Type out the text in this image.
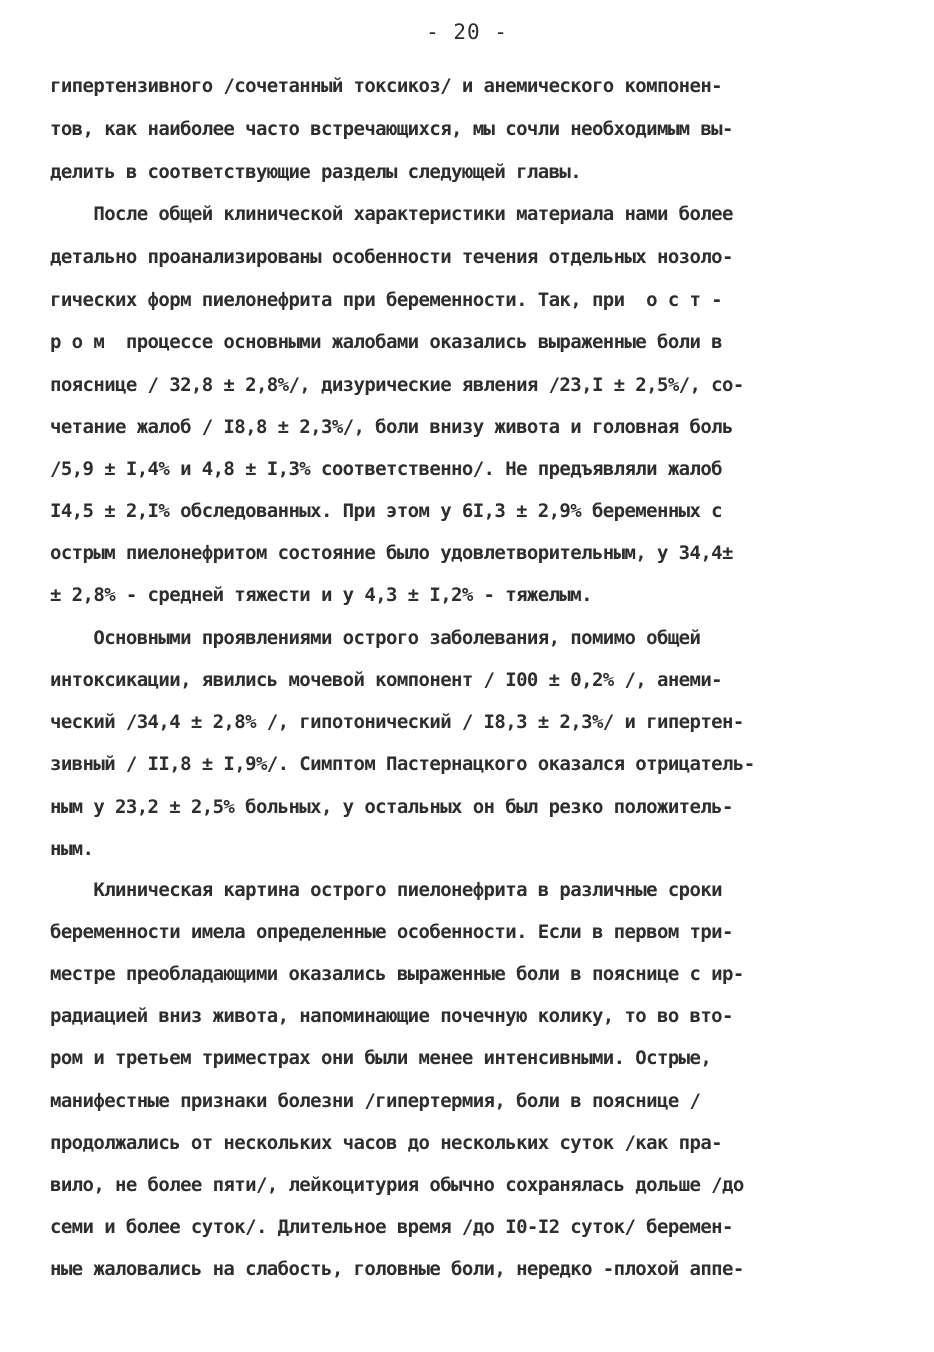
- 20 -
гипертензивного /сочетанный токсикоз/ и анемического компонен-
тов, как наиболее часто встречающихся, мы сочли необходимым вы-
делить в соответствующие разделы следующей главы.
После общей клинической характеристики материала нами более
детально проанализированы особенности течения отдельных нозоло-
гических форм пиелонефрита при беременности. Так, при  о с т -
р о м  процессе основными жалобами оказались выраженные боли в
пояснице / 32,8 ± 2,8%/, дизурические явления /23,I ± 2,5%/, со-
четание жалоб / I8,8 ± 2,3%/, боли внизу живота и головная боль
/5,9 ± I,4% и 4,8 ± I,3% соответственно/. Не предъявляли жалоб
I4,5 ± 2,I% обследованных. При этом у 6I,3 ± 2,9% беременных с
острым пиелонефритом состояние было удовлетворительным, у 34,4±
± 2,8% - средней тяжести и у 4,3 ± I,2% - тяжелым.
Основными проявлениями острого заболевания, помимо общей
интоксикации, явились мочевой компонент / I00 ± 0,2% /, анеми-
ческий /34,4 ± 2,8% /, гипотонический / I8,3 ± 2,3%/ и гипертен-
зивный / II,8 ± I,9%/. Симптом Пастернацкого оказался отрицатель-
ным у 23,2 ± 2,5% больных, у остальных он был резко положитель-
ным.
Клиническая картина острого пиелонефрита в различные сроки
беременности имела определенные особенности. Если в первом три-
местре преобладающими оказались выраженные боли в пояснице с ир-
радиацией вниз живота, напоминающие почечную колику, то во вто-
ром и третьем триместрах они были менее интенсивными. Острые,
манифестные признаки болезни /гипертермия, боли в пояснице /
продолжались от нескольких часов до нескольких суток /как пра-
вило, не более пяти/, лейкоцитурия обычно сохранялась дольше /до
семи и более суток/. Длительное время /до I0-I2 суток/ беремен-
ные жаловались на слабость, головные боли, нередко -плохой аппе-
